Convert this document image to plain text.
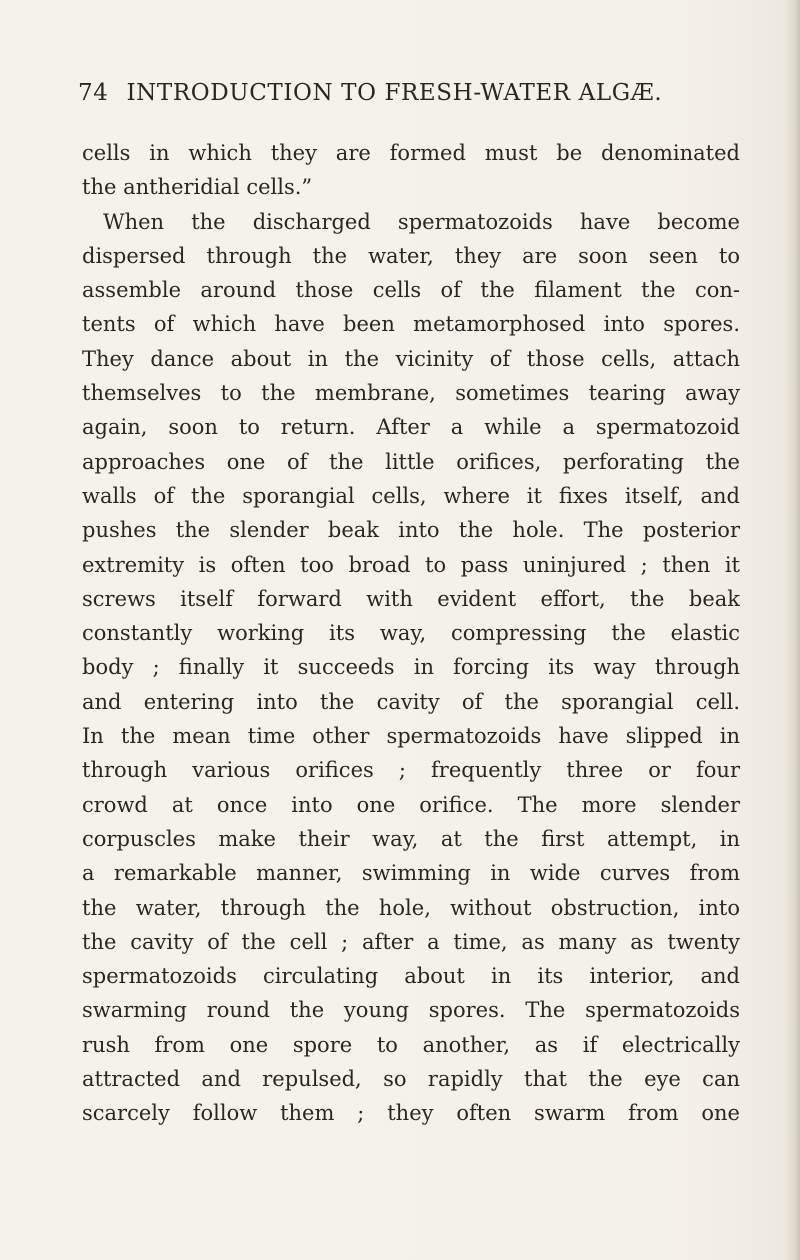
74 INTRODUCTION TO FRESH-WATER ALGÆ.
cells in which they are formed must be denominated
the antheridial cells.”
When the discharged spermatozoids have become
dispersed through the water, they are soon seen to
assemble around those cells of the filament the con-
tents of which have been metamorphosed into spores.
They dance about in the vicinity of those cells, attach
themselves to the membrane, sometimes tearing away
again, soon to return. After a while a spermatozoid
approaches one of the little orifices, perforating the
walls of the sporangial cells, where it fixes itself, and
pushes the slender beak into the hole. The posterior
extremity is often too broad to pass uninjured ; then it
screws itself forward with evident effort, the beak
constantly working its way, compressing the elastic
body ; finally it succeeds in forcing its way through
and entering into the cavity of the sporangial cell.
In the mean time other spermatozoids have slipped in
through various orifices ; frequently three or four
crowd at once into one orifice. The more slender
corpuscles make their way, at the first attempt, in
a remarkable manner, swimming in wide curves from
the water, through the hole, without obstruction, into
the cavity of the cell ; after a time, as many as twenty
spermatozoids circulating about in its interior, and
swarming round the young spores. The spermatozoids
rush from one spore to another, as if electrically
attracted and repulsed, so rapidly that the eye can
scarcely follow them ; they often swarm from one
